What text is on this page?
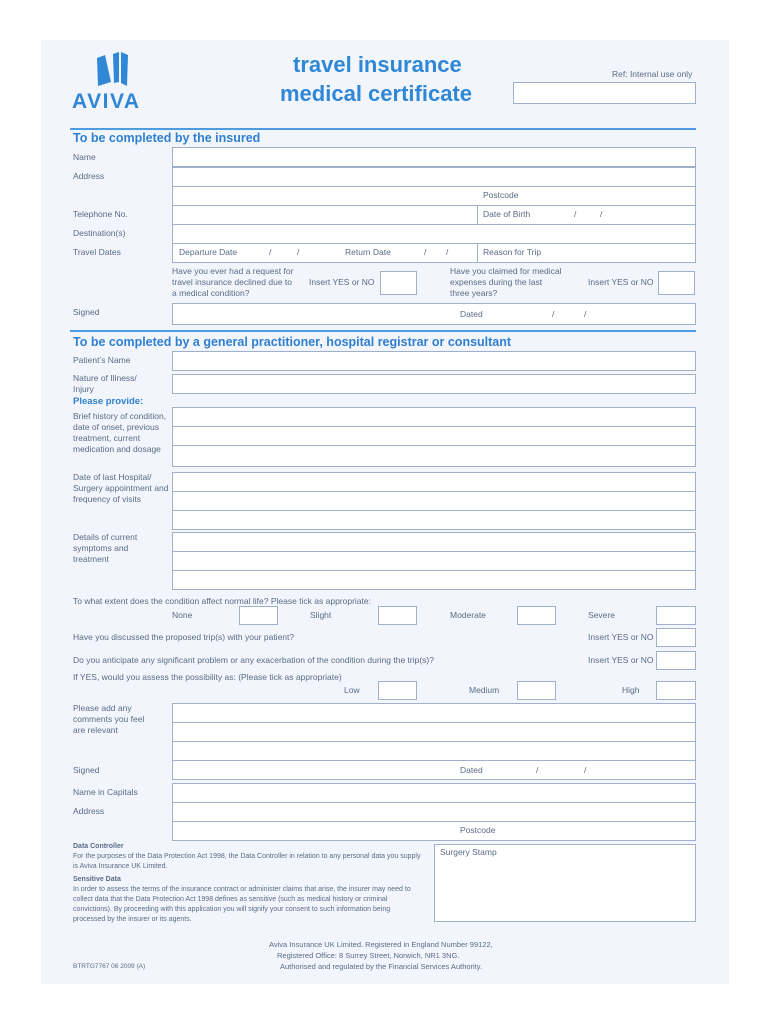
AVIVA
travel insurance
medical certificate
Ref: Internal use only
To be completed by the insured
Name
Address
Postcode
Telephone No.	Date of Birth	/	/
Destination(s)
Travel Dates	Departure Date	/	/	Return Date	/ /	Reason for Trip
Have you ever had a request for travel insurance declined due to a medical condition?
Insert YES or NO
Have you claimed for medical expenses during the last three years?
Insert YES or NO
Signed	Dated	/	/
To be completed by a general practitioner, hospital registrar or consultant
Patient’s Name
Nature of Illness/ Injury
Please provide:
Brief history of condition, date of onset, previous treatment, current medication and dosage
Date of last Hospital/ Surgery appointment and frequency of visits
Details of current symptoms and treatment
To what extent does the condition affect normal life? Please tick as appropriate:
None	Slight	Moderate	Severe
Have you discussed the proposed trip(s) with your patient?	Insert YES or NO
Do you anticipate any significant problem or any exacerbation of the condition during the trip(s)?	Insert YES or NO
If YES, would you assess the possibility as: (Please tick as appropriate)
Low	Medium	High
Please add any comments you feel are relevant
Signed	Dated	/	/
Name in Capitals
Address
Postcode
Data Controller
For the purposes of the Data Protection Act 1998, the Data Controller in relation to any personal data you supply is Aviva Insurance UK Limited.
Sensitive Data
In order to assess the terms of the insurance contract or administer claims that arise, the insurer may need to collect data that the Data Protection Act 1998 defines as sensitive (such as medical history or criminal convictions). By proceeding with this application you will signify your consent to such information being processed by the insurer or its agents.
Surgery Stamp
Aviva Insurance UK Limited. Registered in England Number 99122,
Registered Office: 8 Surrey Street, Norwich, NR1 3NG.
Authorised and regulated by the Financial Services Authority.
BTRTG7767 06 2009 (A)
